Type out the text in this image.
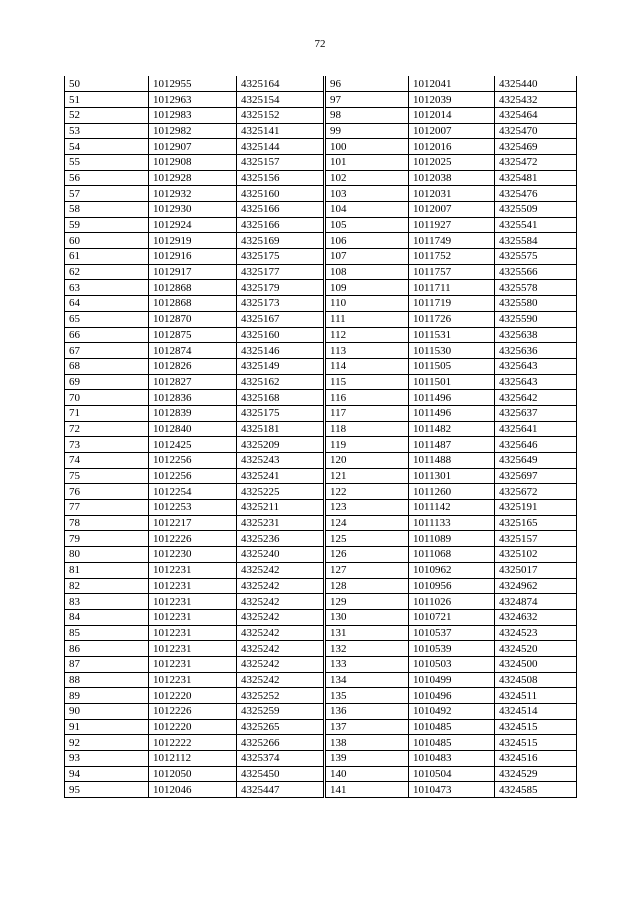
72
50	1012955	4325164	96	1012041	4325440
51	1012963	4325154	97	1012039	4325432
52	1012983	4325152	98	1012014	4325464
53	1012982	4325141	99	1012007	4325470
54	1012907	4325144	100	1012016	4325469
55	1012908	4325157	101	1012025	4325472
56	1012928	4325156	102	1012038	4325481
57	1012932	4325160	103	1012031	4325476
58	1012930	4325166	104	1012007	4325509
59	1012924	4325166	105	1011927	4325541
60	1012919	4325169	106	1011749	4325584
61	1012916	4325175	107	1011752	4325575
62	1012917	4325177	108	1011757	4325566
63	1012868	4325179	109	1011711	4325578
64	1012868	4325173	110	1011719	4325580
65	1012870	4325167	111	1011726	4325590
66	1012875	4325160	112	1011531	4325638
67	1012874	4325146	113	1011530	4325636
68	1012826	4325149	114	1011505	4325643
69	1012827	4325162	115	1011501	4325643
70	1012836	4325168	116	1011496	4325642
71	1012839	4325175	117	1011496	4325637
72	1012840	4325181	118	1011482	4325641
73	1012425	4325209	119	1011487	4325646
74	1012256	4325243	120	1011488	4325649
75	1012256	4325241	121	1011301	4325697
76	1012254	4325225	122	1011260	4325672
77	1012253	4325211	123	1011142	4325191
78	1012217	4325231	124	1011133	4325165
79	1012226	4325236	125	1011089	4325157
80	1012230	4325240	126	1011068	4325102
81	1012231	4325242	127	1010962	4325017
82	1012231	4325242	128	1010956	4324962
83	1012231	4325242	129	1011026	4324874
84	1012231	4325242	130	1010721	4324632
85	1012231	4325242	131	1010537	4324523
86	1012231	4325242	132	1010539	4324520
87	1012231	4325242	133	1010503	4324500
88	1012231	4325242	134	1010499	4324508
89	1012220	4325252	135	1010496	4324511
90	1012226	4325259	136	1010492	4324514
91	1012220	4325265	137	1010485	4324515
92	1012222	4325266	138	1010485	4324515
93	1012112	4325374	139	1010483	4324516
94	1012050	4325450	140	1010504	4324529
95	1012046	4325447	141	1010473	4324585
